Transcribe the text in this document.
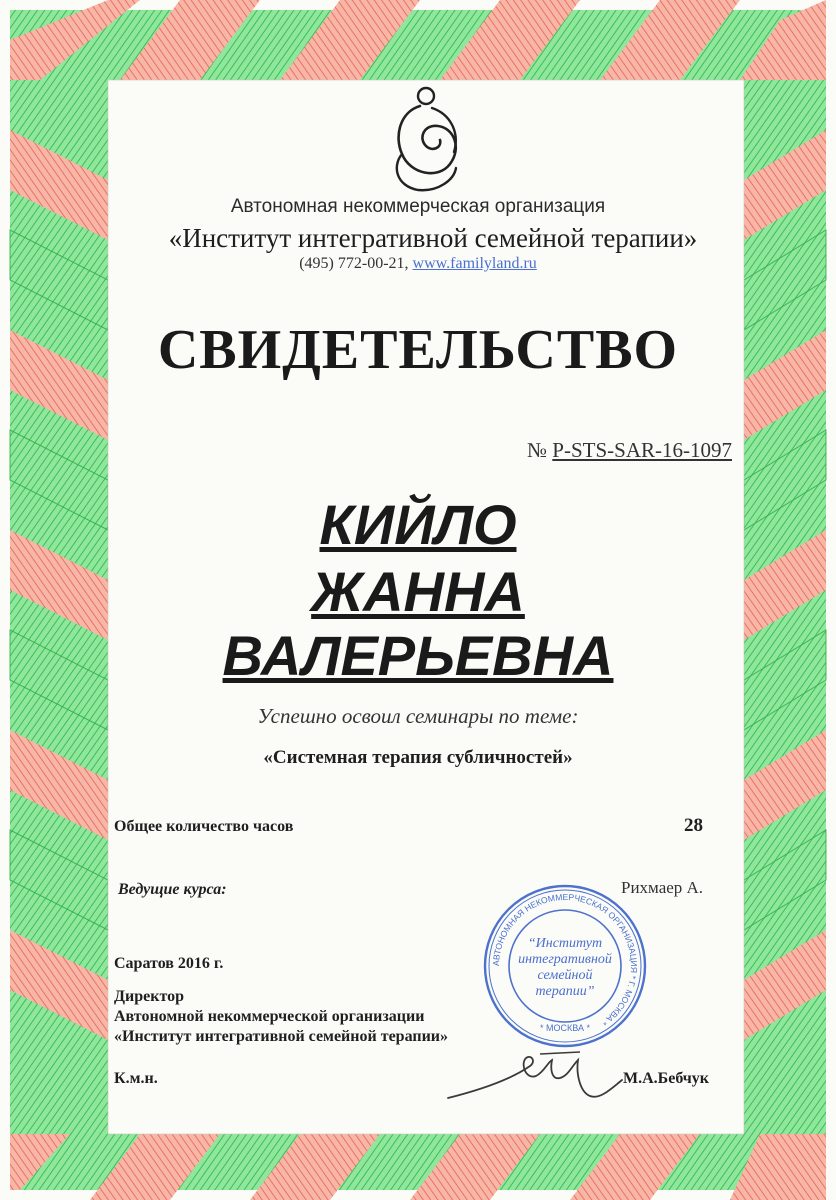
Автономная некоммерческая организация
«Институт интегративной семейной терапии»
(495) 772-00-21, www.familyland.ru
СВИДЕТЕЛЬСТВО
№ P-STS-SAR-16-1097
КИЙЛО
ЖАННА
ВАЛЕРЬЕВНА
Успешно освоил семинары по теме:
«Системная терапия субличностей»
Общее количество часов	28
Ведущие курса:	Рихмаер А.
Саратов 2016 г.
Директор
Автономной некоммерческой организации
«Институт интегративной семейной терапии»
К.м.н.	М.А.Бебчук
АВТОНОМНАЯ НЕКОММЕРЧЕСКАЯ ОРГАНИЗАЦИЯ * Г. МОСКВА *
“Институт
интегративной
семейной
терапии”
* МОСКВА *
